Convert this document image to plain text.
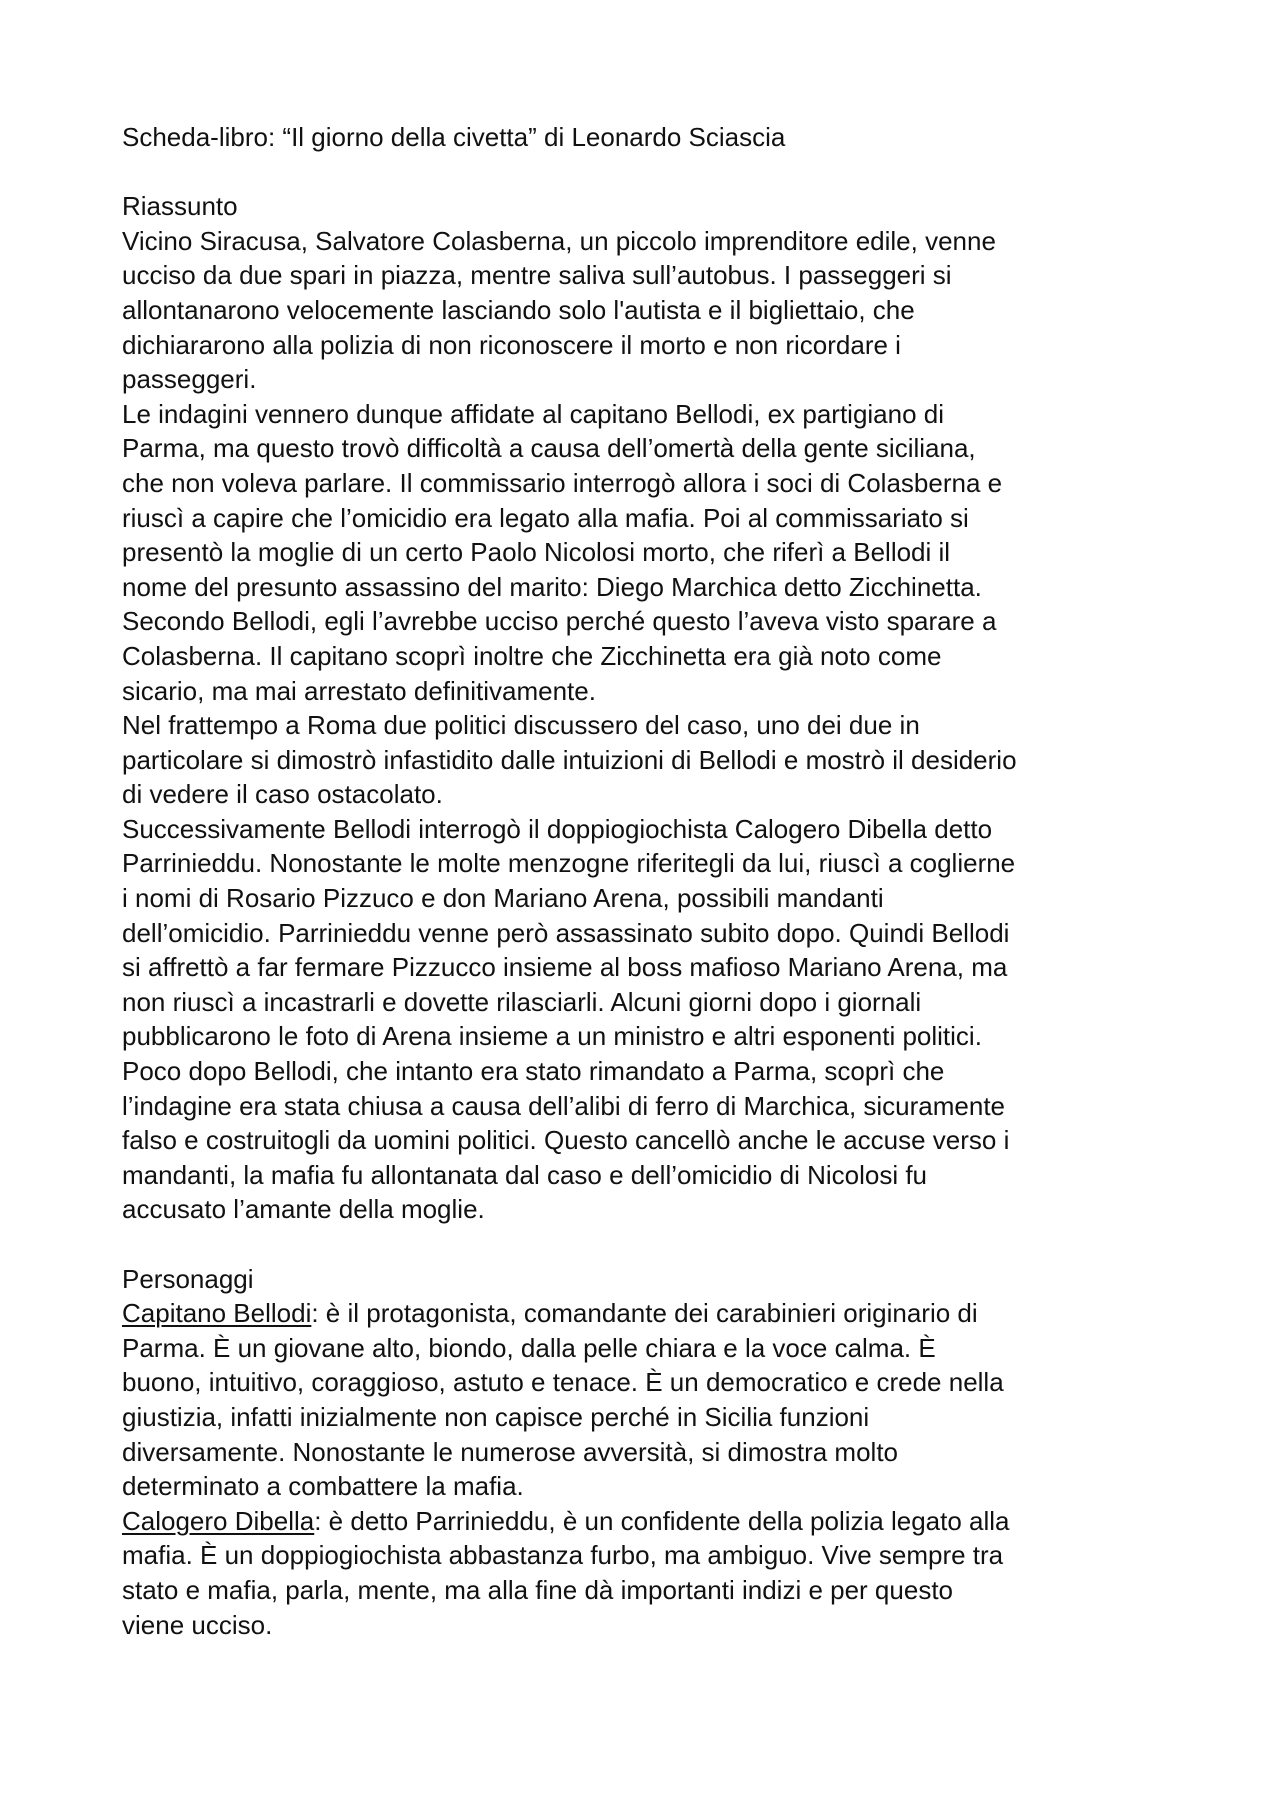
Scheda-libro: “Il giorno della civetta” di Leonardo Sciascia
Riassunto

Vicino Siracusa, Salvatore Colasberna, un piccolo imprenditore edile, venne
ucciso da due spari in piazza, mentre saliva sull’autobus. I passeggeri si
allontanarono velocemente lasciando solo l'autista e il bigliettaio, che
dichiararono alla polizia di non riconoscere il morto e non ricordare i
passeggeri.

Le indagini vennero dunque affidate al capitano Bellodi, ex partigiano di
Parma, ma questo trovò difficoltà a causa dell’omertà della gente siciliana,
che non voleva parlare. Il commissario interrogò allora i soci di Colasberna e
riuscì a capire che l’omicidio era legato alla mafia. Poi al commissariato si
presentò la moglie di un certo Paolo Nicolosi morto, che riferì a Bellodi il
nome del presunto assassino del marito: Diego Marchica detto Zicchinetta.
Secondo Bellodi, egli l’avrebbe ucciso perché questo l’aveva visto sparare a
Colasberna. Il capitano scoprì inoltre che Zicchinetta era già noto come
sicario, ma mai arrestato definitivamente.

Nel frattempo a Roma due politici discussero del caso, uno dei due in
particolare si dimostrò infastidito dalle intuizioni di Bellodi e mostrò il desiderio
di vedere il caso ostacolato.

Successivamente Bellodi interrogò il doppiogiochista Calogero Dibella detto
Parrinieddu. Nonostante le molte menzogne riferitegli da lui, riuscì a coglierne
i nomi di Rosario Pizzuco e don Mariano Arena, possibili mandanti
dell’omicidio. Parrinieddu venne però assassinato subito dopo. Quindi Bellodi
si affrettò a far fermare Pizzucco insieme al boss mafioso Mariano Arena, ma
non riuscì a incastrarli e dovette rilasciarli. Alcuni giorni dopo i giornali
pubblicarono le foto di Arena insieme a un ministro e altri esponenti politici.
Poco dopo Bellodi, che intanto era stato rimandato a Parma, scoprì che
l’indagine era stata chiusa a causa dell’alibi di ferro di Marchica, sicuramente
falso e costruitogli da uomini politici. Questo cancellò anche le accuse verso i
mandanti, la mafia fu allontanata dal caso e dell’omicidio di Nicolosi fu
accusato l’amante della moglie.

Personaggi

Capitano Bellodi: è il protagonista, comandante dei carabinieri originario di
Parma. È un giovane alto, biondo, dalla pelle chiara e la voce calma. È
buono, intuitivo, coraggioso, astuto e tenace. È un democratico e crede nella
giustizia, infatti inizialmente non capisce perché in Sicilia funzioni
diversamente. Nonostante le numerose avversità, si dimostra molto
determinato a combattere la mafia.

Calogero Dibella: è detto Parrinieddu, è un confidente della polizia legato alla
mafia. È un doppiogiochista abbastanza furbo, ma ambiguo. Vive sempre tra
stato e mafia, parla, mente, ma alla fine dà importanti indizi e per questo
viene ucciso.
